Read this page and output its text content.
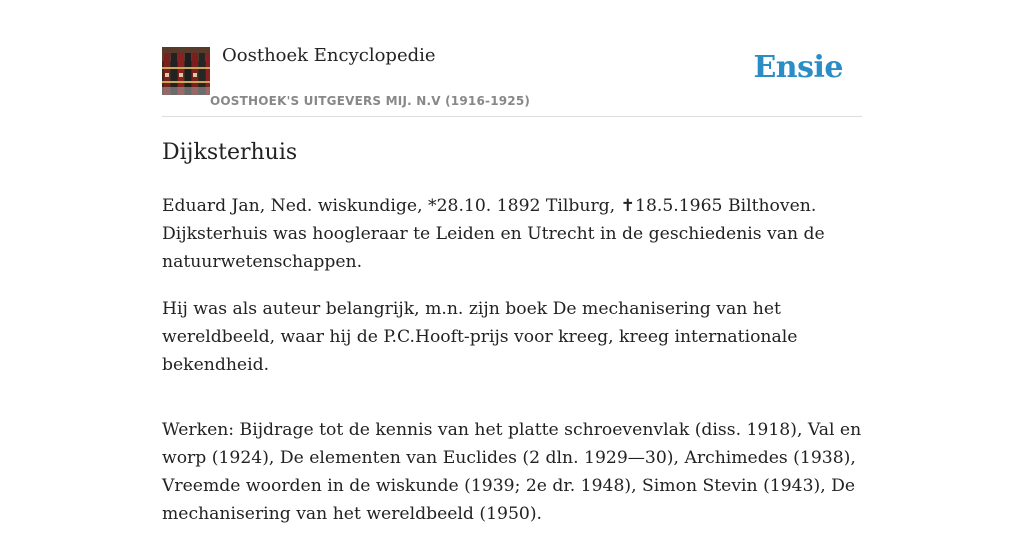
Oosthoek Encyclopedie
OOSTHOEK'S UITGEVERS MIJ. N.V (1916-1925)
Ensie
Dijksterhuis

Eduard Jan, Ned. wiskundige, *28.10. 1892 Tilburg, ✝18.5.1965 Bilthoven. Dijksterhuis was hoogleraar te Leiden en Utrecht in de geschiedenis van de natuurwetenschappen.

Hij was als auteur belangrijk, m.n. zijn boek De mechanisering van het wereldbeeld, waar hij de P.C.Hooft-prijs voor kreeg, kreeg internationale bekendheid.

Werken: Bijdrage tot de kennis van het platte schroevenvlak (diss. 1918), Val en worp (1924), De elementen van Euclides (2 dln. 1929—30), Archimedes (1938), Vreemde woorden in de wiskunde (1939; 2e dr. 1948), Simon Stevin (1943), De mechanisering van het wereldbeeld (1950).
